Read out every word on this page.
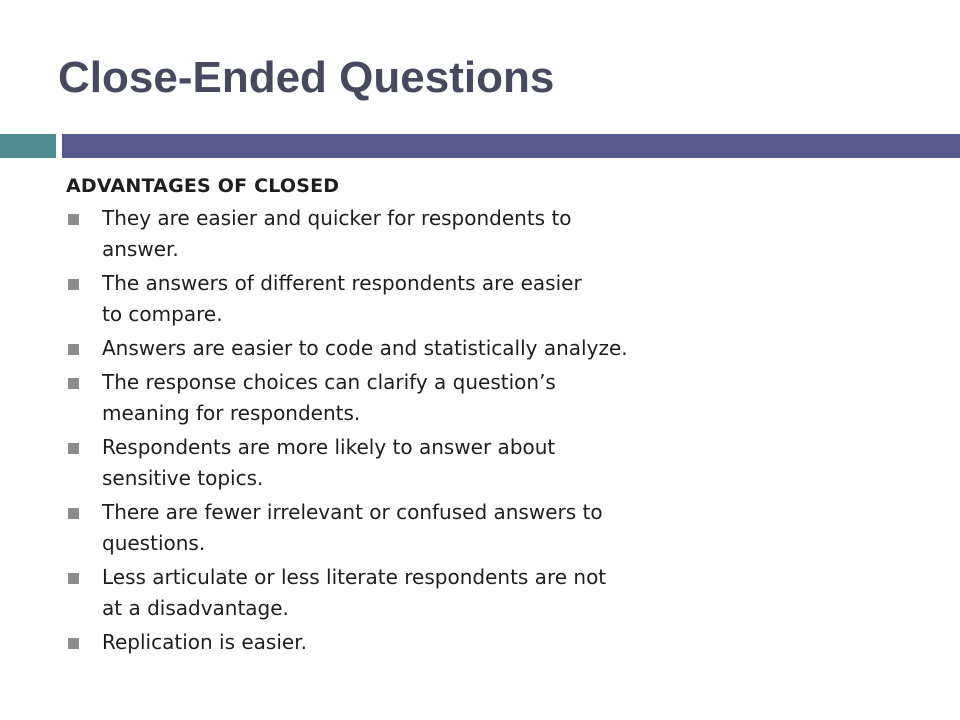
Close-Ended Questions
ADVANTAGES OF CLOSED
They are easier and quicker for respondents to
answer.
The answers of different respondents are easier
to compare.
Answers are easier to code and statistically analyze.
The response choices can clarify a question’s
meaning for respondents.
Respondents are more likely to answer about
sensitive topics.
There are fewer irrelevant or confused answers to
questions.
Less articulate or less literate respondents are not
at a disadvantage.
Replication is easier.
